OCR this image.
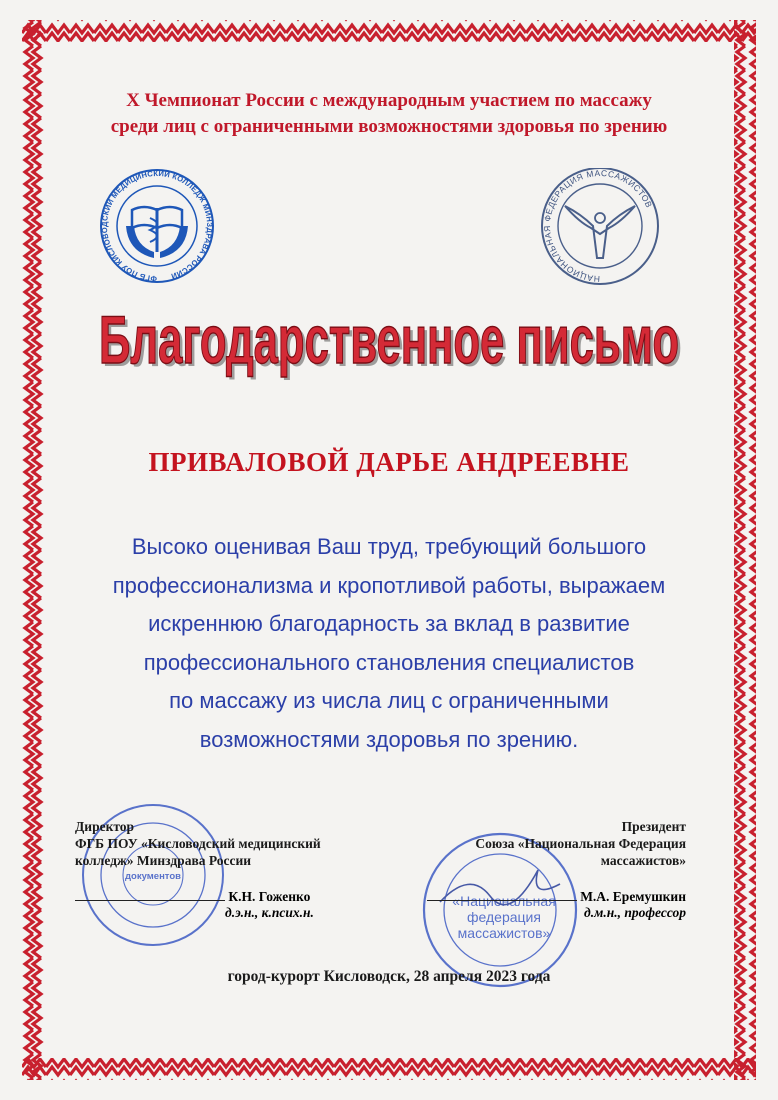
X Чемпионат России с международным участием по массажу
среди лиц с ограниченными возможностями здоровья по зрению
ФГБ ПОУ КИСЛОВОДСКИЙ МЕДИЦИНСКИЙ КОЛЛЕДЖ МИНЗДРАВА РОССИИ	НАЦИОНАЛЬНАЯ ФЕДЕРАЦИЯ МАССАЖИСТОВ
Благодарственное письмо
Благодарственное письмо
ПРИВАЛОВОЙ ДАРЬЕ АНДРЕЕВНЕ
Высоко оценивая Ваш труд, требующий большого
профессионализма и кропотливой работы, выражаем
искреннюю благодарность за вклад в развитие
профессионального становления специалистов
по массажу из числа лиц с ограниченными
возможностями здоровья по зрению.
документов
«Национальная
федерация
массажистов»
Директор
ФГБ ПОУ «Кисловодский медицинский
колледж» Минздрава России
К.Н. Гоженко
д.э.н., к.псих.н.
Президент
Союза «Национальная Федерация
массажистов»
М.А. Еремушкин
д.м.н., профессор
город-курорт Кисловодск, 28 апреля 2023 года
